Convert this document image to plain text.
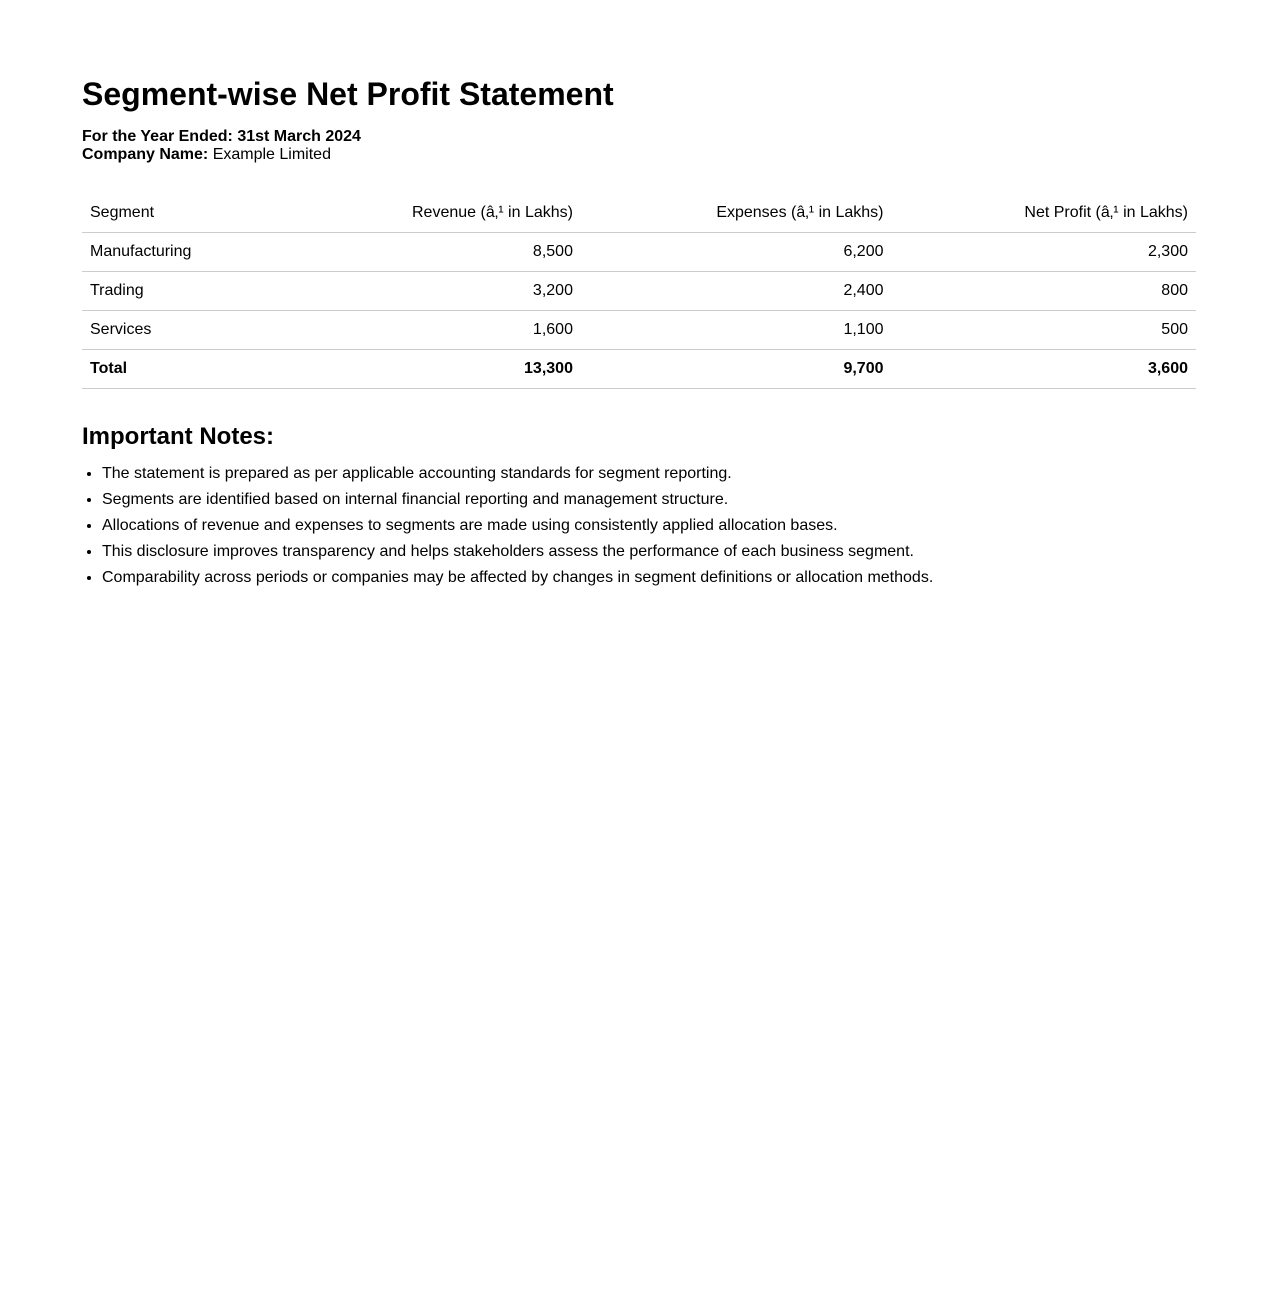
Segment-wise Net Profit Statement
For the Year Ended: 31st March 2024
Company Name: Example Limited
Segment	Revenue (â‚¹ in Lakhs)	Expenses (â‚¹ in Lakhs)	Net Profit (â‚¹ in Lakhs)
Manufacturing	8,500	6,200	2,300
Trading	3,200	2,400	800
Services	1,600	1,100	500
Total	13,300	9,700	3,600
Important Notes:
• The statement is prepared as per applicable accounting standards for segment reporting.
• Segments are identified based on internal financial reporting and management structure.
• Allocations of revenue and expenses to segments are made using consistently applied allocation bases.
• This disclosure improves transparency and helps stakeholders assess the performance of each business segment.
• Comparability across periods or companies may be affected by changes in segment definitions or allocation methods.
